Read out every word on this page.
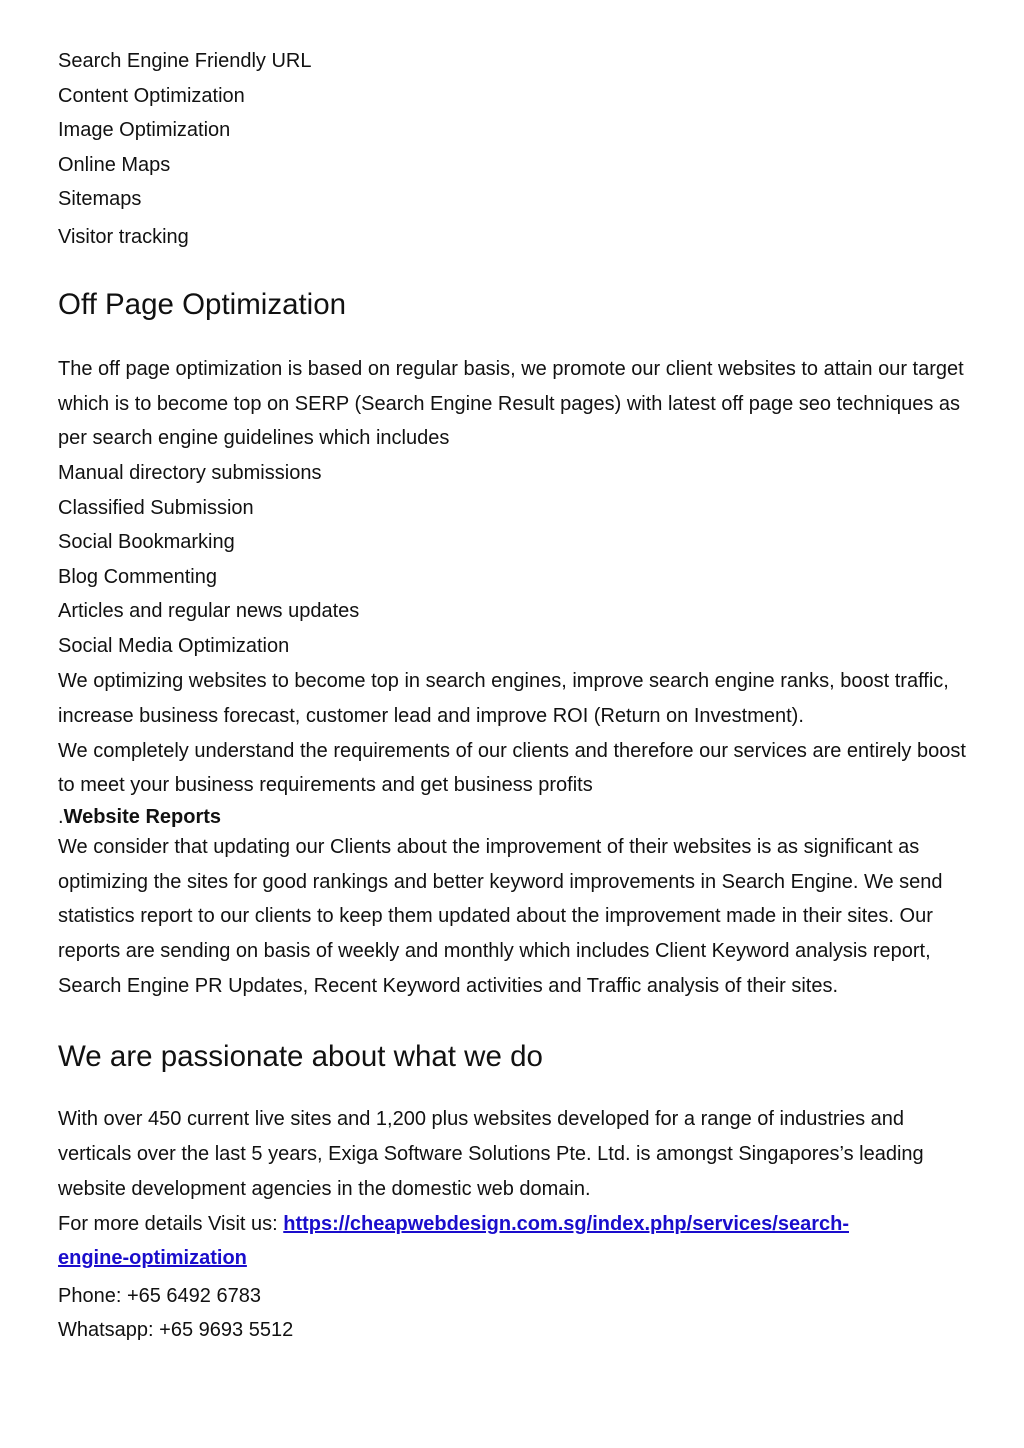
Search Engine Friendly URL

Content Optimization

Image Optimization

Online Maps

Sitemaps

Visitor tracking

Off Page Optimization

The off page optimization is based on regular basis, we promote our client websites to attain our target which is to become top on SERP (Search Engine Result pages) with latest off page seo techniques as per search engine guidelines which includes

Manual directory submissions

Classified Submission

Social Bookmarking

Blog Commenting

Articles and regular news updates

Social Media Optimization

We optimizing websites to become top in search engines, improve search engine ranks, boost traffic, increase business forecast, customer lead and improve ROI (Return on Investment).

We completely understand the requirements of our clients and therefore our services are entirely boost to meet your business requirements and get business profits

.Website Reports

We consider that updating our Clients about the improvement of their websites is as significant as optimizing the sites for good rankings and better keyword improvements in Search Engine. We send statistics report to our clients to keep them updated about the improvement made in their sites. Our reports are sending on basis of weekly and monthly which includes Client Keyword analysis report, Search Engine PR Updates, Recent Keyword activities and Traffic analysis of their sites.

We are passionate about what we do

With over 450 current live sites and 1,200 plus websites developed for a range of industries and verticals over the last 5 years, Exiga Software Solutions Pte. Ltd. is amongst Singapores’s leading website development agencies in the domestic web domain.

For more details Visit us: https://cheapwebdesign.com.sg/index.php/services/search-
engine-optimization

Phone: +65 6492 6783

Whatsapp: +65 9693 5512
